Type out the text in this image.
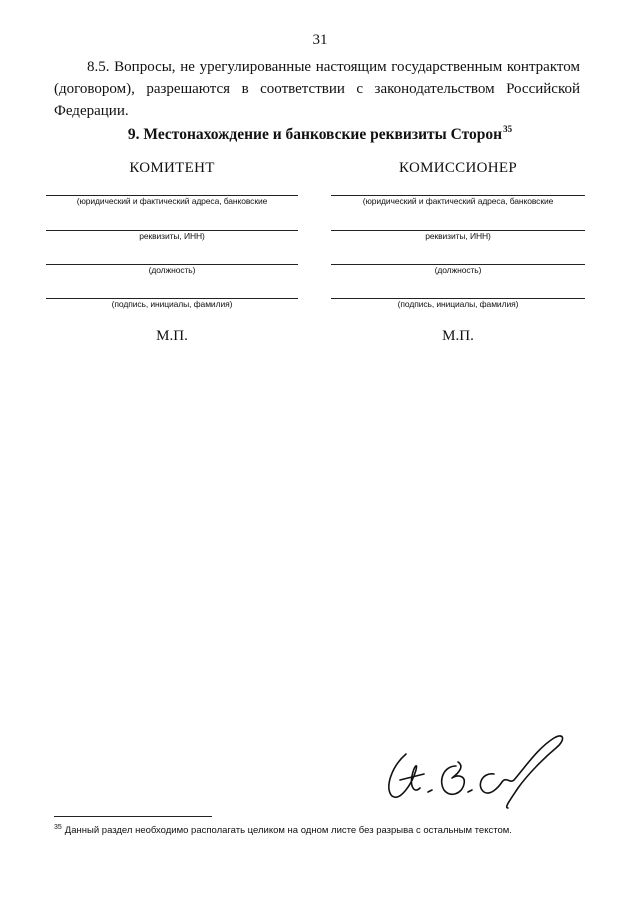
31
8.5. Вопросы, не урегулированные настоящим государственным контрактом (договором), разрешаются в соответствии с законодательством Российской Федерации.
9. Местонахождение и банковские реквизиты Сторон$^{35}$
КОМИТЕНТ
(юридический и фактический адреса, банковские
реквизиты, ИНН)
(должность)
(подпись, инициалы, фамилия)
М.П.
КОМИССИОНЕР
(юридический и фактический адреса, банковские
реквизиты, ИНН)
(должность)
(подпись, инициалы, фамилия)
М.П.
$^{35}$ Данный раздел необходимо располагать целиком на одном листе без разрыва с остальным текстом.
